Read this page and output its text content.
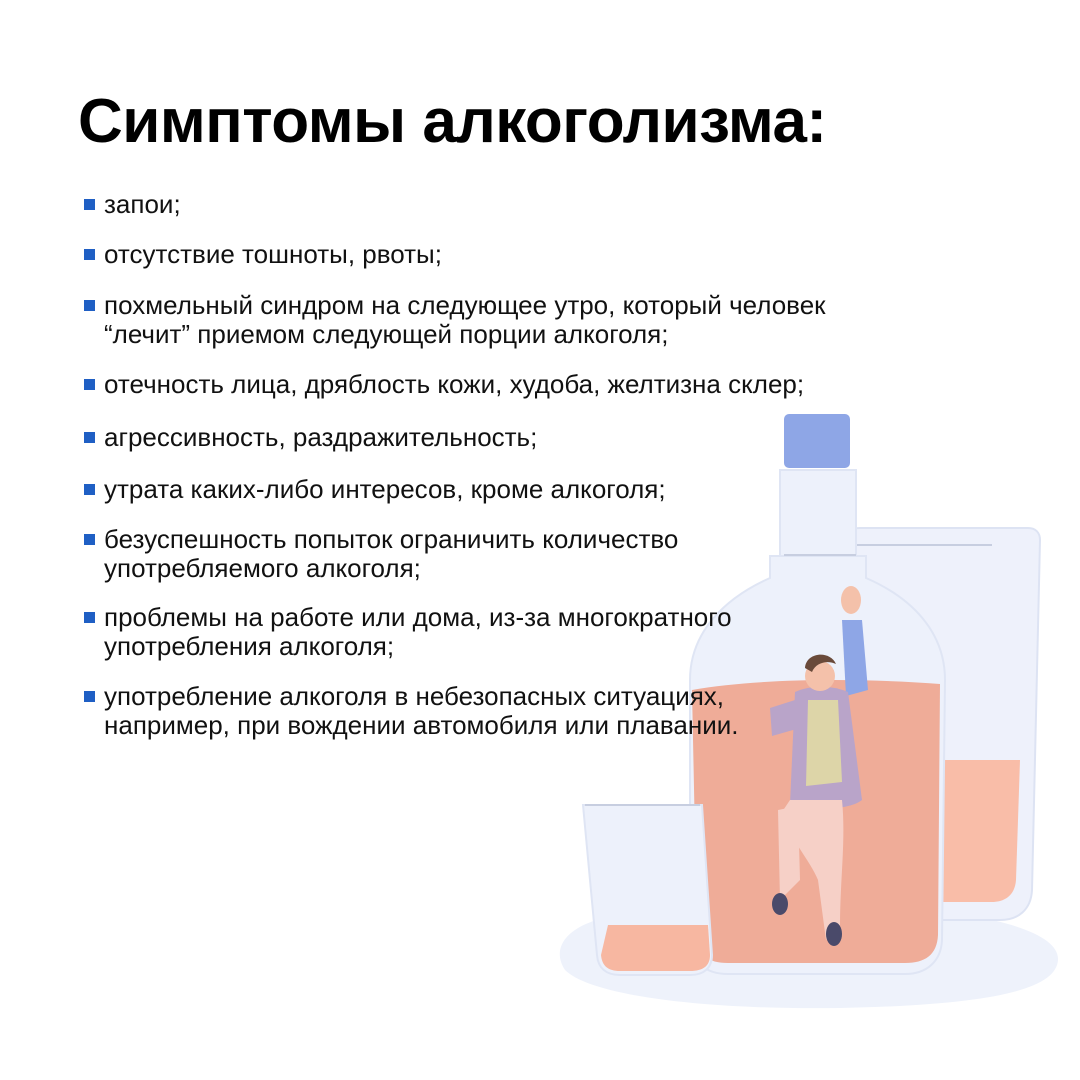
Симптомы алкоголизма:
запои;
отсутствие тошноты, рвоты;
похмельный синдром на следующее утро, который человек
“лечит” приемом следующей порции алкоголя;
отечность лица, дряблость кожи, худоба, желтизна склер;
агрессивность, раздражительность;
утрата каких-либо интересов, кроме алкоголя;
безуспешность попыток ограничить количество
употребляемого алкоголя;
проблемы на работе или дома, из-за многократного
употребления алкоголя;
употребление алкоголя в небезопасных ситуациях,
например, при вождении автомобиля или плавании.
